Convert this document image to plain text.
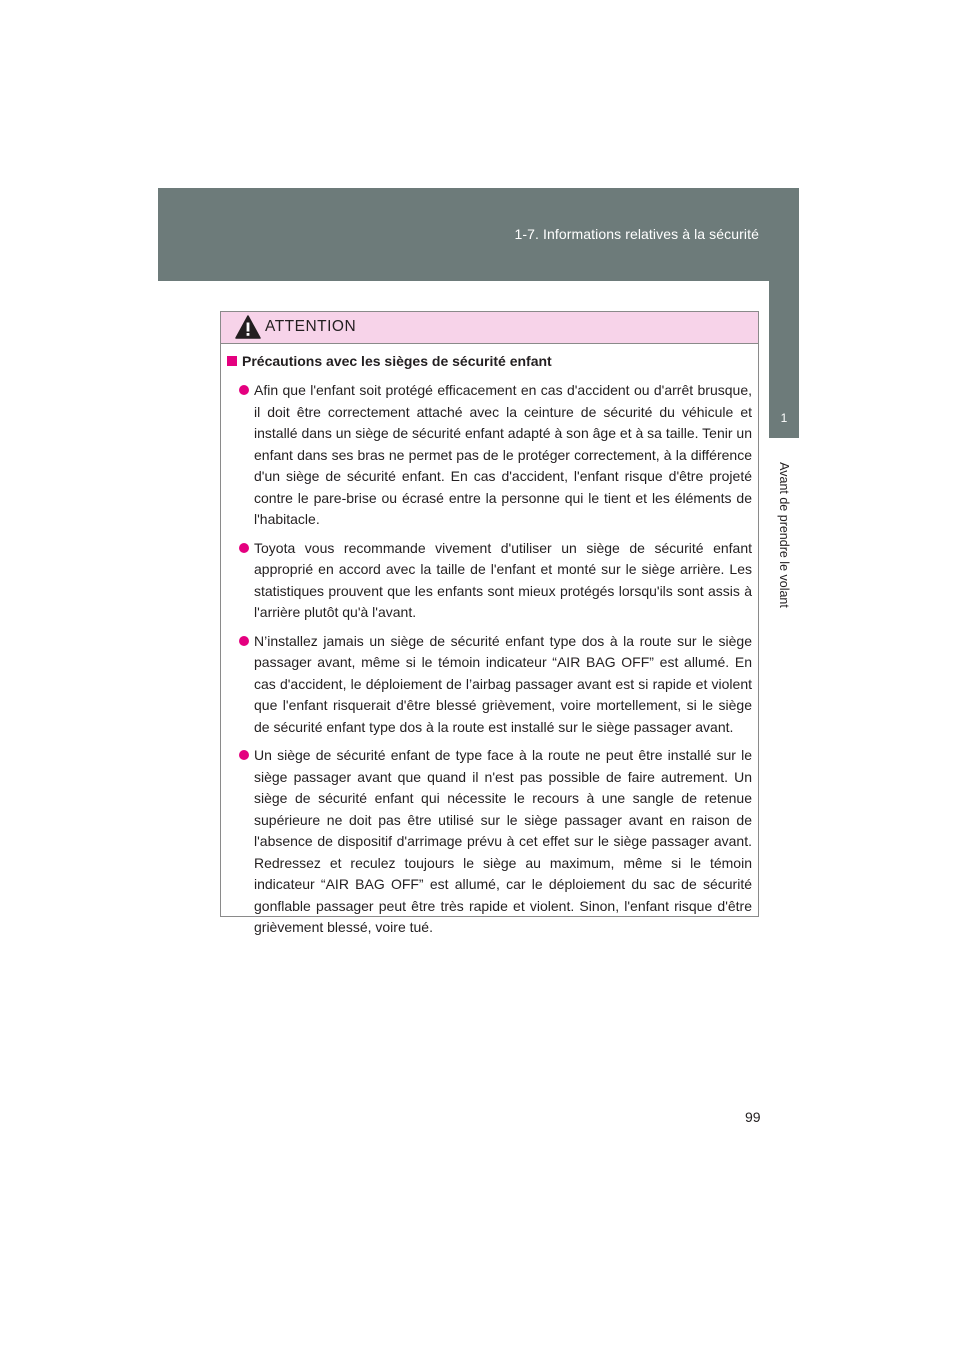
1-7. Informations relatives à la sécurité
1
Avant de prendre le volant
ATTENTION
Précautions avec les sièges de sécurité enfant
Afin que l'enfant soit protégé efficacement en cas d'accident ou d'arrêt brusque, il doit être correctement attaché avec la ceinture de sécurité du véhicule et installé dans un siège de sécurité enfant adapté à son âge et à sa taille. Tenir un enfant dans ses bras ne permet pas de le protéger correctement, à la différence d'un siège de sécurité enfant. En cas d'accident, l'enfant risque d'être projeté contre le pare-brise ou écrasé entre la personne qui le tient et les éléments de l'habitacle.
Toyota vous recommande vivement d'utiliser un siège de sécurité enfant approprié en accord avec la taille de l'enfant et monté sur le siège arrière. Les statistiques prouvent que les enfants sont mieux protégés lorsqu'ils sont assis à l'arrière plutôt qu'à l'avant.
N’installez jamais un siège de sécurité enfant type dos à la route sur le siège passager avant, même si le témoin indicateur “AIR BAG OFF” est allumé. En cas d'accident, le déploiement de l’airbag passager avant est si rapide et violent que l'enfant risquerait d'être blessé grièvement, voire mortellement, si le siège de sécurité enfant type dos à la route est installé sur le siège passager avant.
Un siège de sécurité enfant de type face à la route ne peut être installé sur le siège passager avant que quand il n'est pas possible de faire autrement. Un siège de sécurité enfant qui nécessite le recours à une sangle de retenue supérieure ne doit pas être utilisé sur le siège passager avant en raison de l'absence de dispositif d'arrimage prévu à cet effet sur le siège passager avant. Redressez et reculez toujours le siège au maximum, même si le témoin indicateur “AIR BAG OFF” est allumé, car le déploiement du sac de sécurité gonflable passager peut être très rapide et violent. Sinon, l'enfant risque d'être grièvement blessé, voire tué.
99
